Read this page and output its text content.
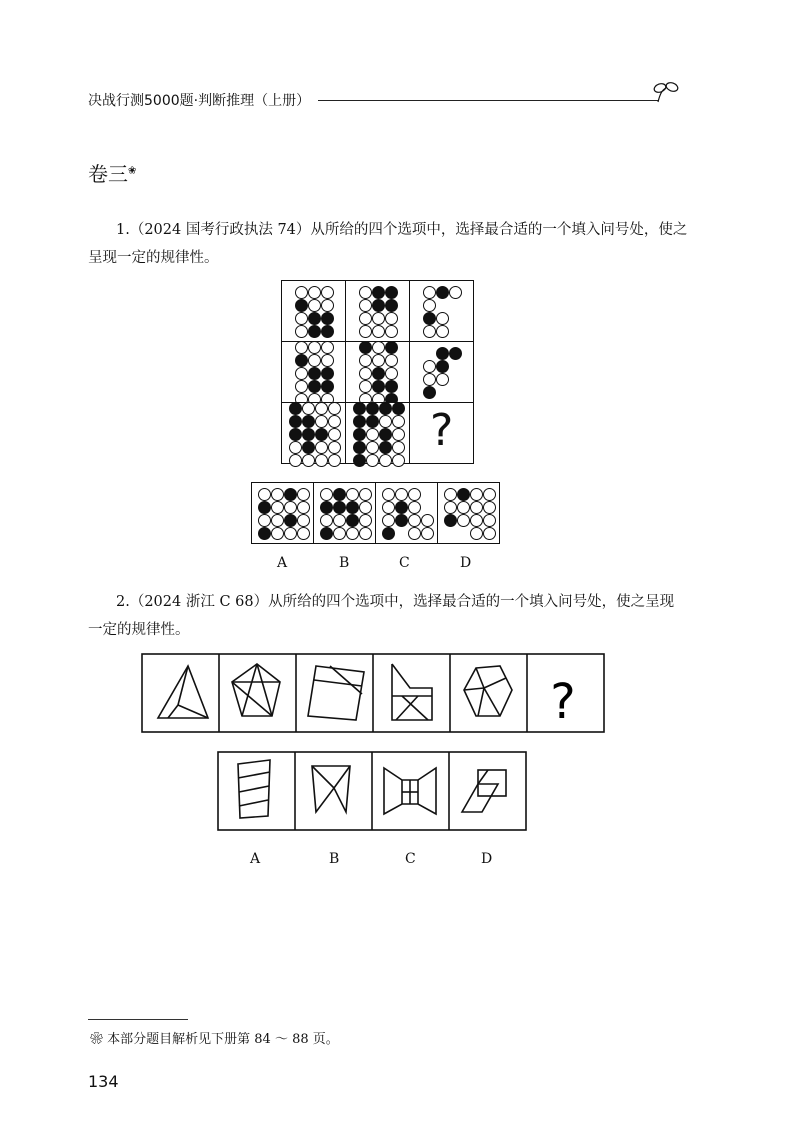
决战行测5000题·判断推理（上册）
卷三❀
1.（2024 国考行政执法 74）从所给的四个选项中，选择最合适的一个填入问号处，使之呈现一定的规律性。
A	B	C	D
2.（2024 浙江 C 68）从所给的四个选项中，选择最合适的一个填入问号处，使之呈现一定的规律性。
?
A	B	C	D
❀ 本部分题目解析见下册第 84 ～ 88 页。
134
?
